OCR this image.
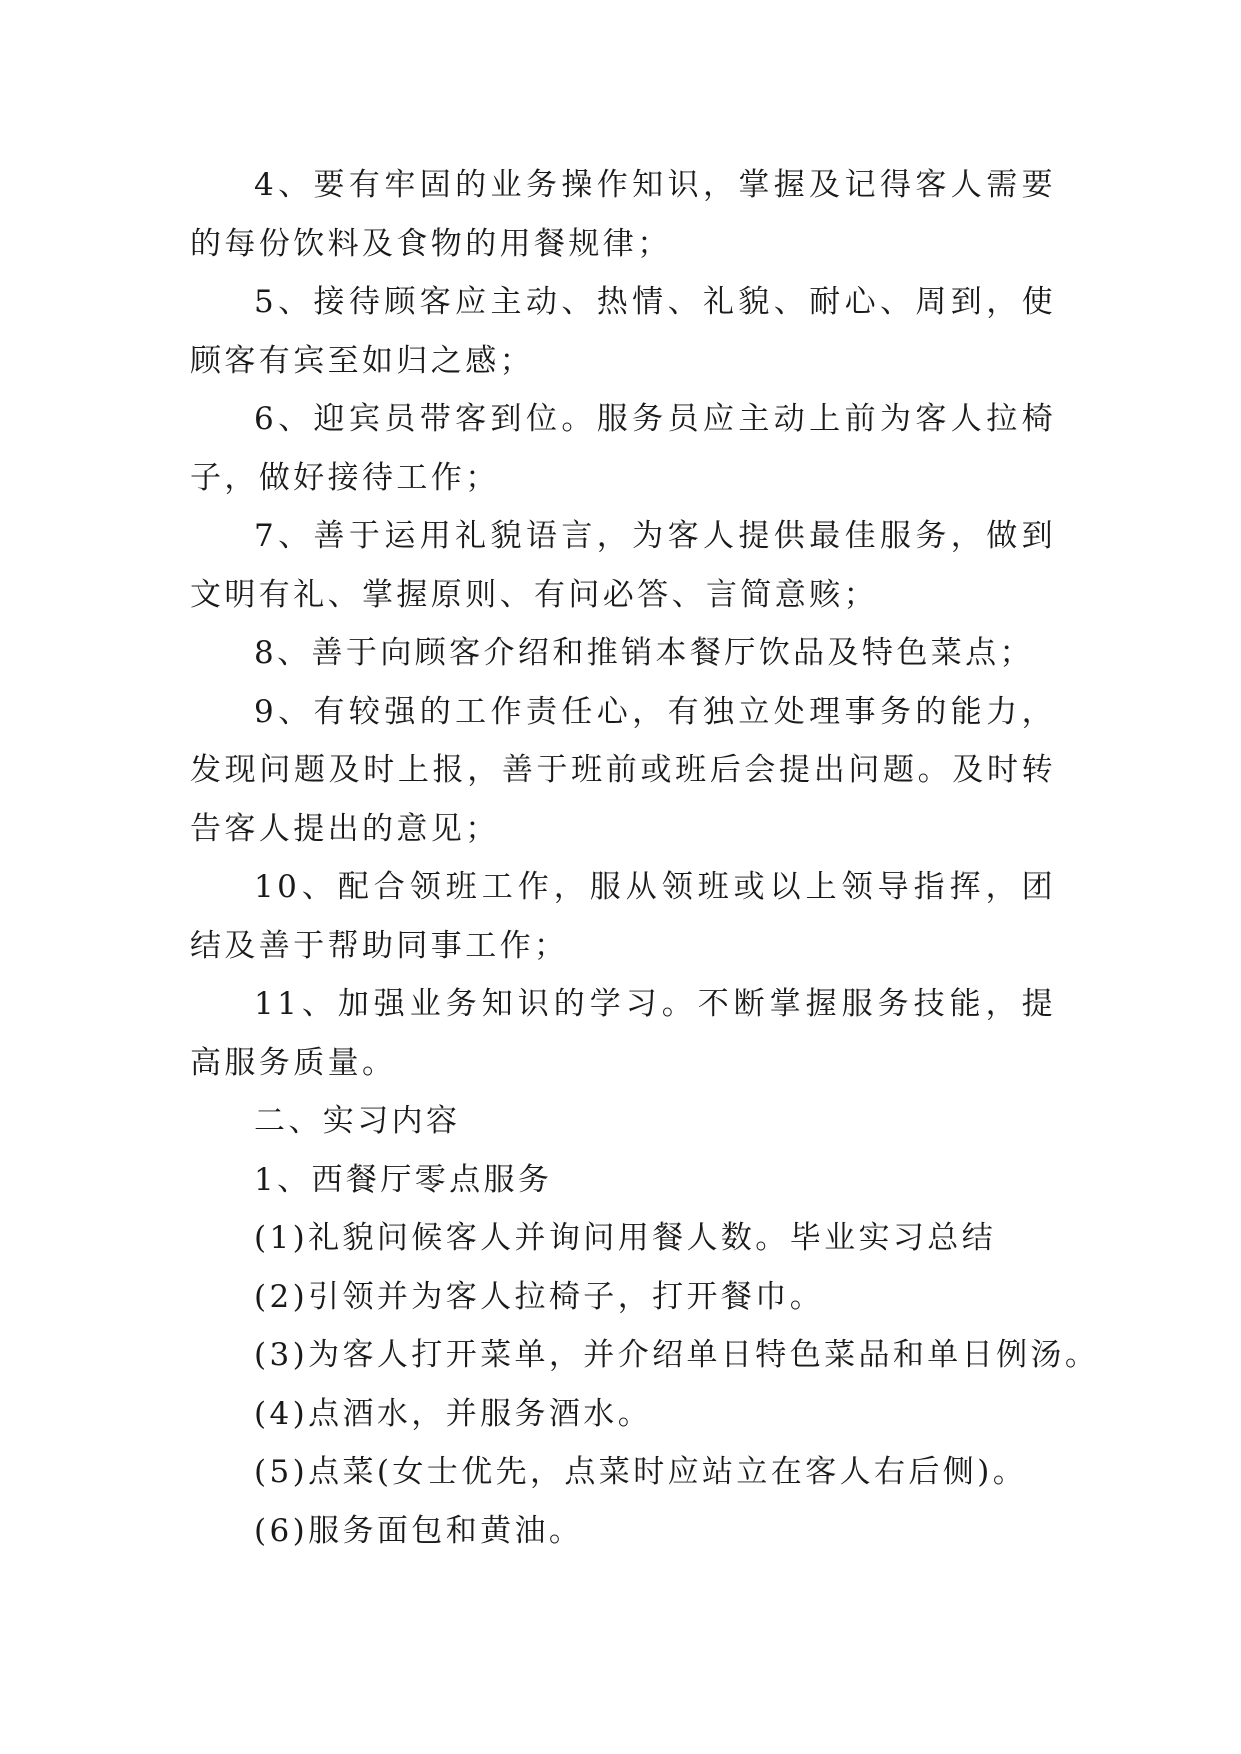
4、要有牢固的业务操作知识，掌握及记得客人需要的每份饮料及食物的用餐规律；

5、接待顾客应主动、热情、礼貌、耐心、周到，使顾客有宾至如归之感；

6、迎宾员带客到位。服务员应主动上前为客人拉椅子，做好接待工作；

7、善于运用礼貌语言，为客人提供最佳服务，做到文明有礼、掌握原则、有问必答、言简意赅；

8、善于向顾客介绍和推销本餐厅饮品及特色菜点；

9、有较强的工作责任心，有独立处理事务的能力，发现问题及时上报，善于班前或班后会提出问题。及时转告客人提出的意见；

10、配合领班工作，服从领班或以上领导指挥，团结及善于帮助同事工作；

11、加强业务知识的学习。不断掌握服务技能，提高服务质量。

二、实习内容

1、西餐厅零点服务

(1)礼貌问候客人并询问用餐人数。毕业实习总结

(2)引领并为客人拉椅子，打开餐巾。

(3)为客人打开菜单，并介绍单日特色菜品和单日例汤。

(4)点酒水，并服务酒水。

(5)点菜(女士优先，点菜时应站立在客人右后侧)。

(6)服务面包和黄油。
